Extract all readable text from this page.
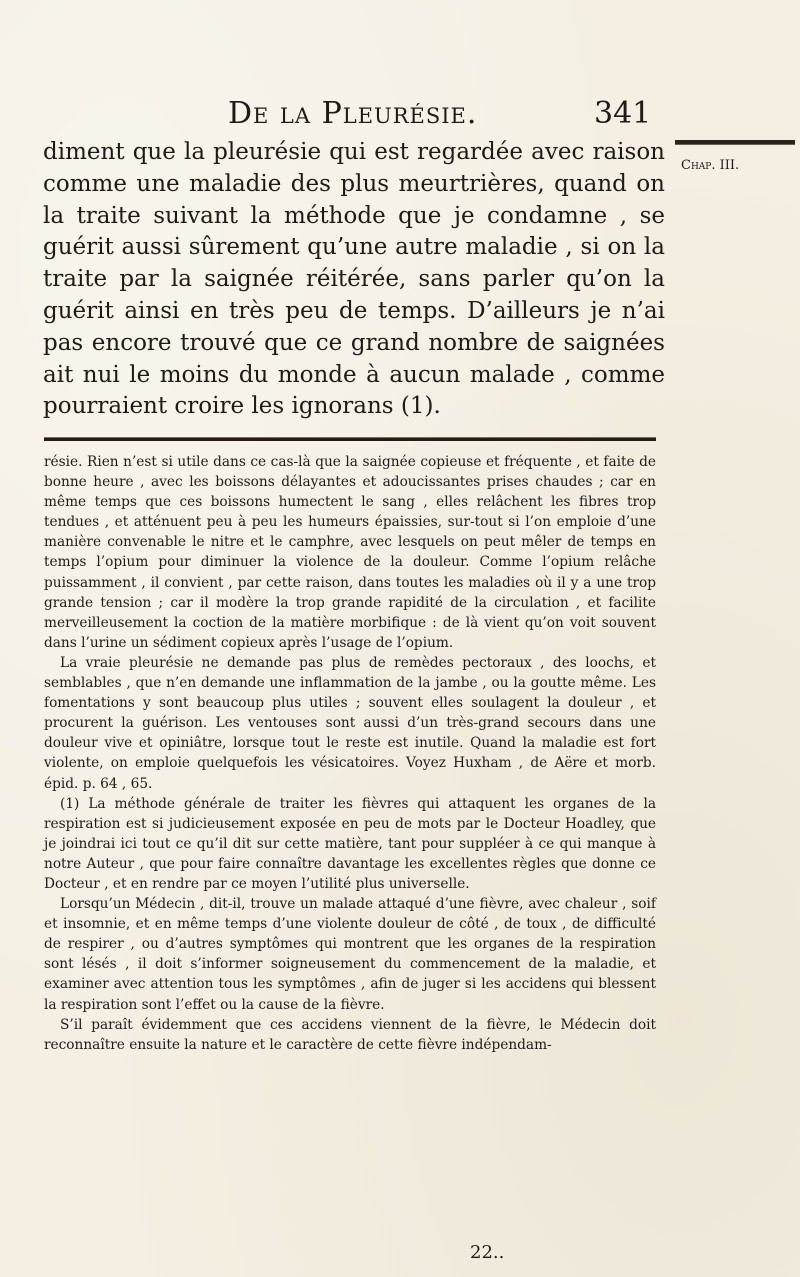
De la Pleurésie.	341
Chap. III.

diment que la pleurésie qui est regardée avec raison comme une maladie des plus meurtrières, quand on la traite suivant la méthode que je condamne , se guérit aussi sûrement qu’une autre maladie , si on la traite par la saignée réitérée, sans parler qu’on la guérit ainsi en très peu de temps. D’ailleurs je n’ai pas encore trouvé que ce grand nombre de saignées ait nui le moins du monde à aucun malade , comme pourraient croire les ignorans (1).

résie. Rien n’est si utile dans ce cas-là que la saignée copieuse et fréquente , et faite de bonne heure , avec les boissons délayantes et adoucissantes prises chaudes ; car en même temps que ces boissons humectent le sang , elles relâchent les fibres trop tendues , et atténuent peu à peu les humeurs épaissies, sur-tout si l’on emploie d’une manière convenable le nitre et le camphre, avec lesquels on peut mêler de temps en temps l’opium pour diminuer la violence de la douleur. Comme l’opium relâche puissamment , il convient , par cette raison, dans toutes les maladies où il y a une trop grande tension ; car il modère la trop grande rapidité de la circulation , et facilite merveilleusement la coction de la matière morbifique : de là vient qu’on voit souvent dans l’urine un sédiment copieux après l’usage de l’opium.

La vraie pleurésie ne demande pas plus de remèdes pectoraux , des loochs, et semblables , que n’en demande une inflammation de la jambe , ou la goutte même. Les fomentations y sont beaucoup plus utiles ; souvent elles soulagent la douleur , et procurent la guérison. Les ventouses sont aussi d’un très-grand secours dans une douleur vive et opiniâtre, lorsque tout le reste est inutile. Quand la maladie est fort violente, on emploie quelquefois les vésicatoires. Voyez Huxham , de Aëre et morb. épid. p. 64 , 65.

(1) La méthode générale de traiter les fièvres qui attaquent les organes de la respiration est si judicieusement exposée en peu de mots par le Docteur Hoadley, que je joindrai ici tout ce qu’il dit sur cette matière, tant pour suppléer à ce qui manque à notre Auteur , que pour faire connaître davantage les excellentes règles que donne ce Docteur , et en rendre par ce moyen l’utilité plus universelle.

Lorsqu’un Médecin , dit-il, trouve un malade attaqué d’une fièvre, avec chaleur , soif et insomnie, et en même temps d’une violente douleur de côté , de toux , de difficulté de respirer , ou d’autres symptômes qui montrent que les organes de la respiration sont lésés , il doit s’informer soigneusement du commencement de la maladie, et examiner avec attention tous les symptômes , afin de juger si les accidens qui blessent la respiration sont l’effet ou la cause de la fièvre.

S’il paraît évidemment que ces accidens viennent de la fièvre, le Médecin doit reconnaître ensuite la nature et le caractère de cette fièvre indépendam-

22..
